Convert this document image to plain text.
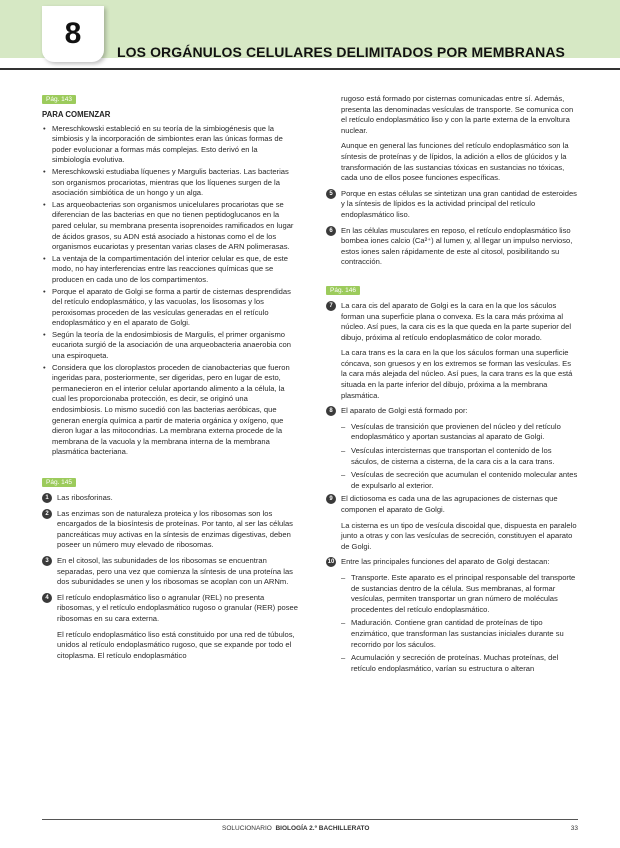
8
LOS ORGÁNULOS CELULARES DELIMITADOS POR MEMBRANAS
Pág. 143
PARA COMENZAR
• Mereschkowski estableció en su teoría de la simbiogénesis que la simbiosis y la incorporación de simbiontes eran las únicas formas de poder evolucionar a formas más complejas. Esto derivó en la simbiología evolutiva.
• Mereschkowski estudiaba líquenes y Margulis bacterias. Las bacterias son organismos procariotas, mientras que los líquenes surgen de la asociación simbiótica de un hongo y un alga.
• Las arqueobacterias son organismos unicelulares procariotas que se diferencian de las bacterias en que no tienen peptidoglucanos en la pared celular, su membrana presenta isoprenoides ramificados en lugar de ácidos grasos, su ADN está asociado a histonas como el de los organismos eucariotas y presentan varias clases de ARN polimerasas.
• La ventaja de la compartimentación del interior celular es que, de este modo, no hay interferencias entre las reacciones químicas que se producen en cada uno de los compartimentos.
• Porque el aparato de Golgi se forma a partir de cisternas desprendidas del retículo endoplasmático, y las vacuolas, los lisosomas y los peroxisomas proceden de las vesículas generadas en el retículo endoplasmático y en el aparato de Golgi.
• Según la teoría de la endosimbiosis de Margulis, el primer organismo eucariota surgió de la asociación de una arqueobacteria anaerobia con una espiroqueta.
• Considera que los cloroplastos proceden de cianobacterias que fueron ingeridas para, posteriormente, ser digeridas, pero en lugar de esto, permanecieron en el interior celular aportando alimento a la célula, la cual les proporcionaba protección, es decir, se originó una endosimbiosis. Lo mismo sucedió con las bacterias aeróbicas, que generan energía química a partir de materia orgánica y oxígeno, que dieron lugar a las mitocondrias. La membrana externa procede de la membrana de la vacuola y la membrana interna de la membrana plasmática bacteriana.
Pág. 145
1	Las ribosforinas.
2	Las enzimas son de naturaleza proteica y los ribosomas son los encargados de la biosíntesis de proteínas. Por tanto, al ser las células pancreáticas muy activas en la síntesis de enzimas digestivas, deben poseer un número muy elevado de ribosomas.
3	En el citosol, las subunidades de los ribosomas se encuentran separadas, pero una vez que comienza la síntesis de una proteína las dos subunidades se unen y los ribosomas se acoplan con un ARNm.
4	El retículo endoplasmático liso o agranular (REL) no presenta ribosomas, y el retículo endoplasmático rugoso o granular (RER) posee ribosomas en su cara externa.
El retículo endoplasmático liso está constituido por una red de túbulos, unidos al retículo endoplasmático rugoso, que se expande por todo el citoplasma. El retículo endoplasmático
rugoso está formado por cisternas comunicadas entre sí. Además, presenta las denominadas vesículas de transporte. Se comunica con el retículo endoplasmático liso y con la parte externa de la envoltura nuclear.
Aunque en general las funciones del retículo endoplasmático son la síntesis de proteínas y de lípidos, la adición a ellos de glúcidos y la transformación de las sustancias tóxicas en sustancias no tóxicas, cada uno de ellos posee funciones específicas.
5	Porque en estas células se sintetizan una gran cantidad de esteroides y la síntesis de lípidos es la actividad principal del retículo endoplasmático liso.
6	En las células musculares en reposo, el retículo endoplasmático liso bombea iones calcio (Ca²⁺) al lumen y, al llegar un impulso nervioso, estos iones salen rápidamente de este al citosol, posibilitando su contracción.
Pág. 146
7	La cara cis del aparato de Golgi es la cara en la que los sáculos forman una superficie plana o convexa. Es la cara más próxima al núcleo. Así pues, la cara cis es la que queda en la parte superior del dibujo, próxima al retículo endoplasmático de color morado.
La cara trans es la cara en la que los sáculos forman una superficie cóncava, son gruesos y en los extremos se forman las vesículas. Es la cara más alejada del núcleo. Así pues, la cara trans es la que está situada en la parte inferior del dibujo, próxima a la membrana plasmática.
8	El aparato de Golgi está formado por:
– Vesículas de transición que provienen del núcleo y del retículo endoplasmático y aportan sustancias al aparato de Golgi.
– Vesículas intercisternas que transportan el contenido de los sáculos, de cisterna a cisterna, de la cara cis a la cara trans.
– Vesículas de secreción que acumulan el contenido molecular antes de expulsarlo al exterior.
9	El dictiosoma es cada una de las agrupaciones de cisternas que componen el aparato de Golgi.
La cisterna es un tipo de vesícula discoidal que, dispuesta en paralelo junto a otras y con las vesículas de secreción, constituyen el aparato de Golgi.
10 Entre las principales funciones del aparato de Golgi destacan:
– Transporte. Este aparato es el principal responsable del transporte de sustancias dentro de la célula. Sus membranas, al formar vesículas, permiten transportar un gran número de moléculas procedentes del retículo endoplasmático.
– Maduración. Contiene gran cantidad de proteínas de tipo enzimático, que transforman las sustancias iniciales durante su recorrido por los sáculos.
– Acumulación y secreción de proteínas. Muchas proteínas, del retículo endoplasmático, varían su estructura o alteran
SOLUCIONARIO BIOLOGÍA 2.º BACHILLERATO	33
